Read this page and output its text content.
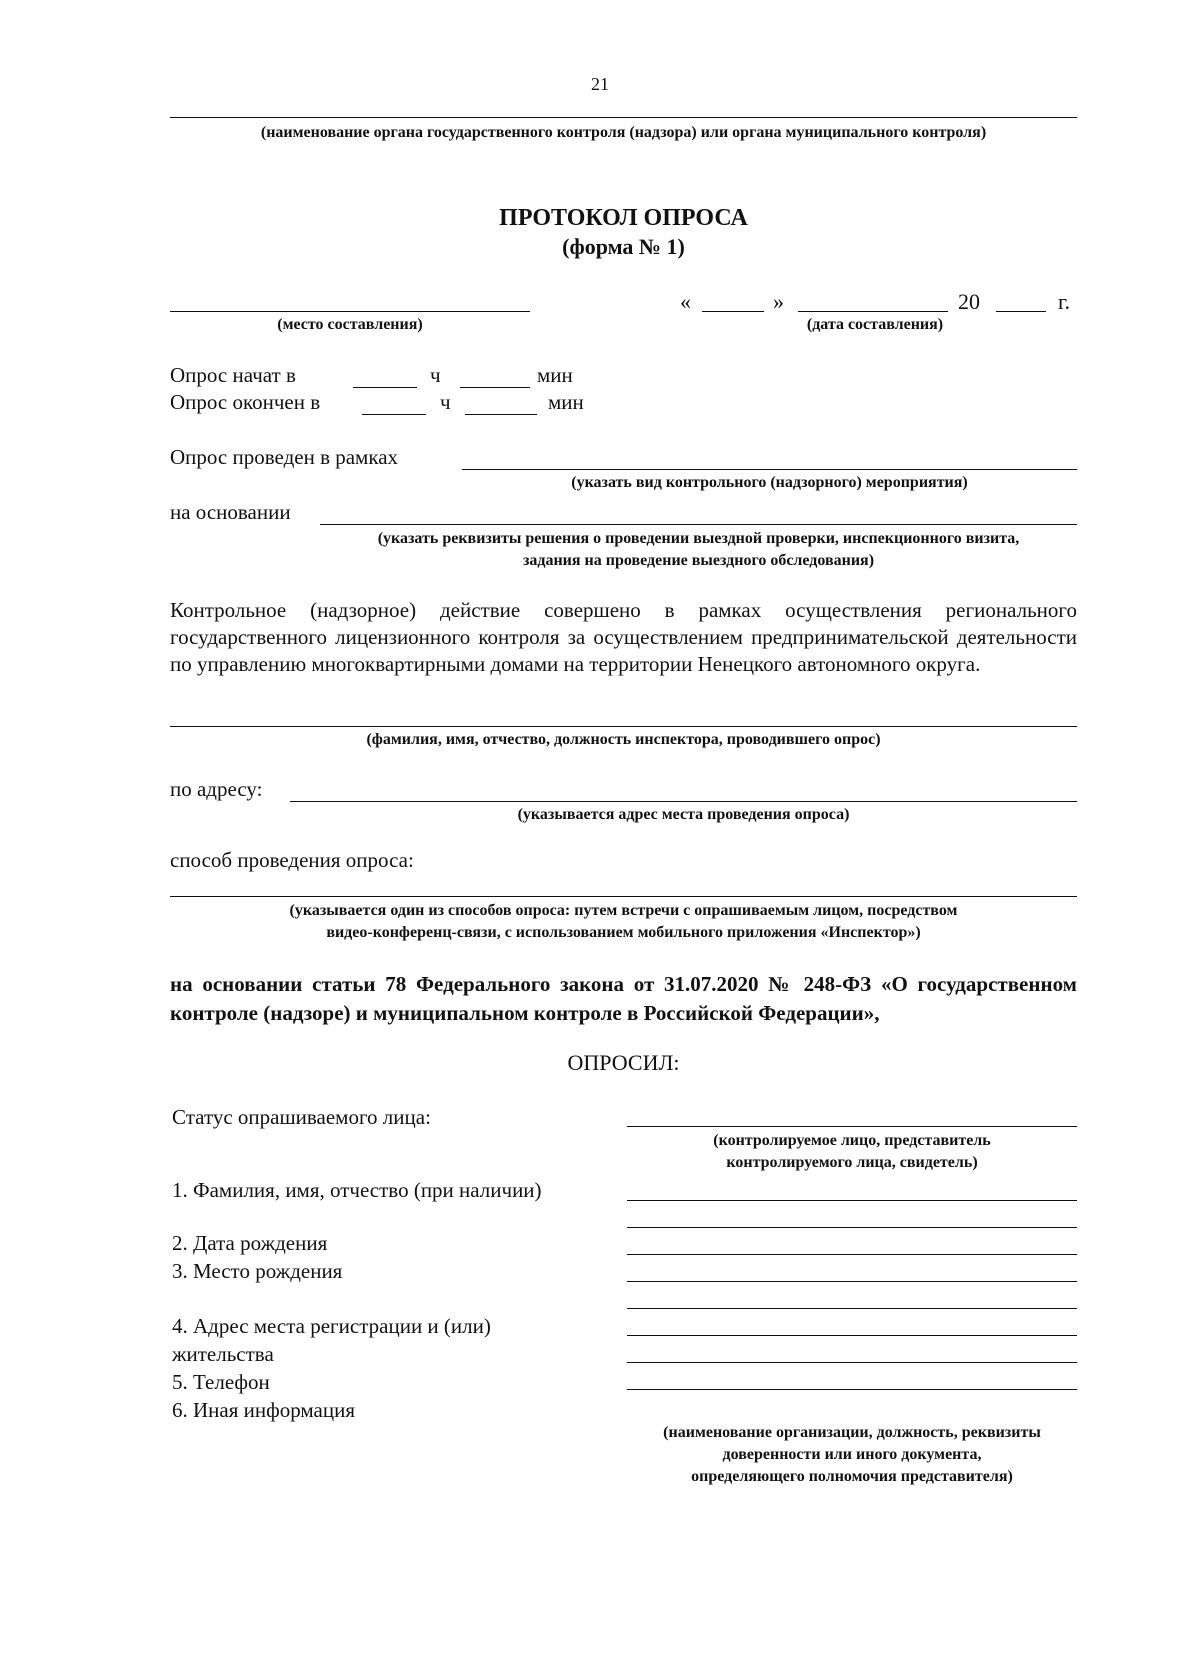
21
(наименование органа государственного контроля (надзора) или органа муниципального контроля)
ПРОТОКОЛ ОПРОСА
(форма № 1)
(место составления)
«	»	20	г.
(дата составления)
Опрос начат в	ч	мин
Опрос окончен в	ч	мин
Опрос проведен в рамках
(указать вид контрольного (надзорного) мероприятия)
на основании
(указать реквизиты решения о проведении выездной проверки, инспекционного визита,
задания на проведение выездного обследования)
Контрольное (надзорное) действие совершено в рамках осуществления регионального государственного лицензионного контроля за осуществлением предпринимательской деятельности по управлению многоквартирными домами на территории Ненецкого автономного округа.
(фамилия, имя, отчество, должность инспектора, проводившего опрос)
по адресу:
(указывается адрес места проведения опроса)
способ проведения опроса:
(указывается один из способов опроса: путем встречи с опрашиваемым лицом, посредством
видео-конференц-связи, с использованием мобильного приложения «Инспектор»)
на основании статьи 78 Федерального закона от 31.07.2020 № 248-ФЗ «О государственном контроле (надзоре) и муниципальном контроле в Российской Федерации»,
ОПРОСИЛ:
Статус опрашиваемого лица:
(контролируемое лицо, представитель
контролируемого лица, свидетель)
1. Фамилия, имя, отчество (при наличии)
2. Дата рождения
3. Место рождения
4. Адрес места регистрации и (или)
жительства
5. Телефон
6. Иная информация
(наименование организации, должность, реквизиты
доверенности или иного документа,
определяющего полномочия представителя)
